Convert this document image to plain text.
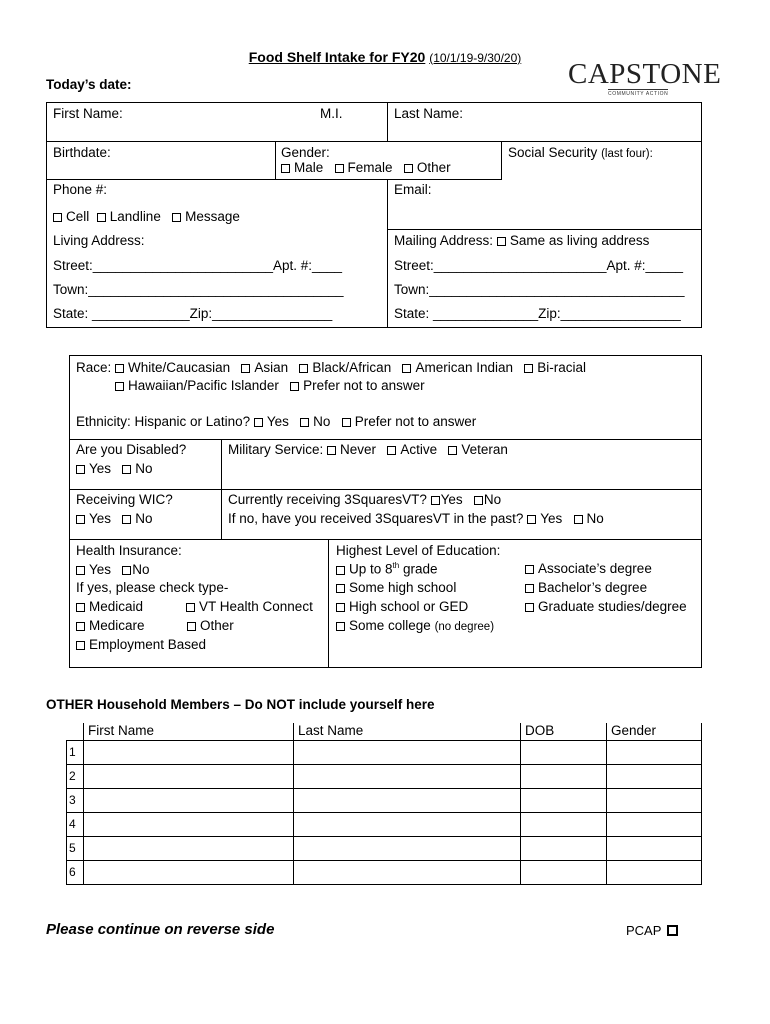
Food Shelf Intake for FY20 (10/1/19-9/30/20)
Today’s date:	CAPSTONE
COMMUNITY ACTION
First Name:	M.I.	Last Name:
Birthdate:	Gender:
Male Female Other
Social Security (last four):
Phone #:	Email:
Cell Landline Message
Living Address:	Mailing Address: Same as living address
Street:________________________Apt. #:____	Street:_______________________Apt. #:_____
Town:__________________________________	Town:__________________________________
State: _____________Zip:________________	State: ______________Zip:________________
Race: White/Caucasian Asian Black/African American Indian Bi-racial
Hawaiian/Pacific Islander Prefer not to answer
Ethnicity: Hispanic or Latino? Yes No Prefer not to answer
Are you Disabled?
Yes No
Military Service: Never Active Veteran
Receiving WIC?
Yes No
Currently receiving 3SquaresVT? Yes No
If no, have you received 3SquaresVT in the past? Yes No
Health Insurance:
Yes No
If yes, please check type-
Medicaid	VT Health Connect
Medicare	Other
Employment Based
Highest Level of Education:
Up to 8th grade
Some high school
High school or GED
Some college (no degree)
Associate’s degree
Bachelor’s degree
Graduate studies/degree
OTHER Household Members – Do NOT include yourself here
	First Name	Last Name	DOB	Gender
1				
2				
3				
4				
5				
6				
Please continue on reverse side	PCAP
